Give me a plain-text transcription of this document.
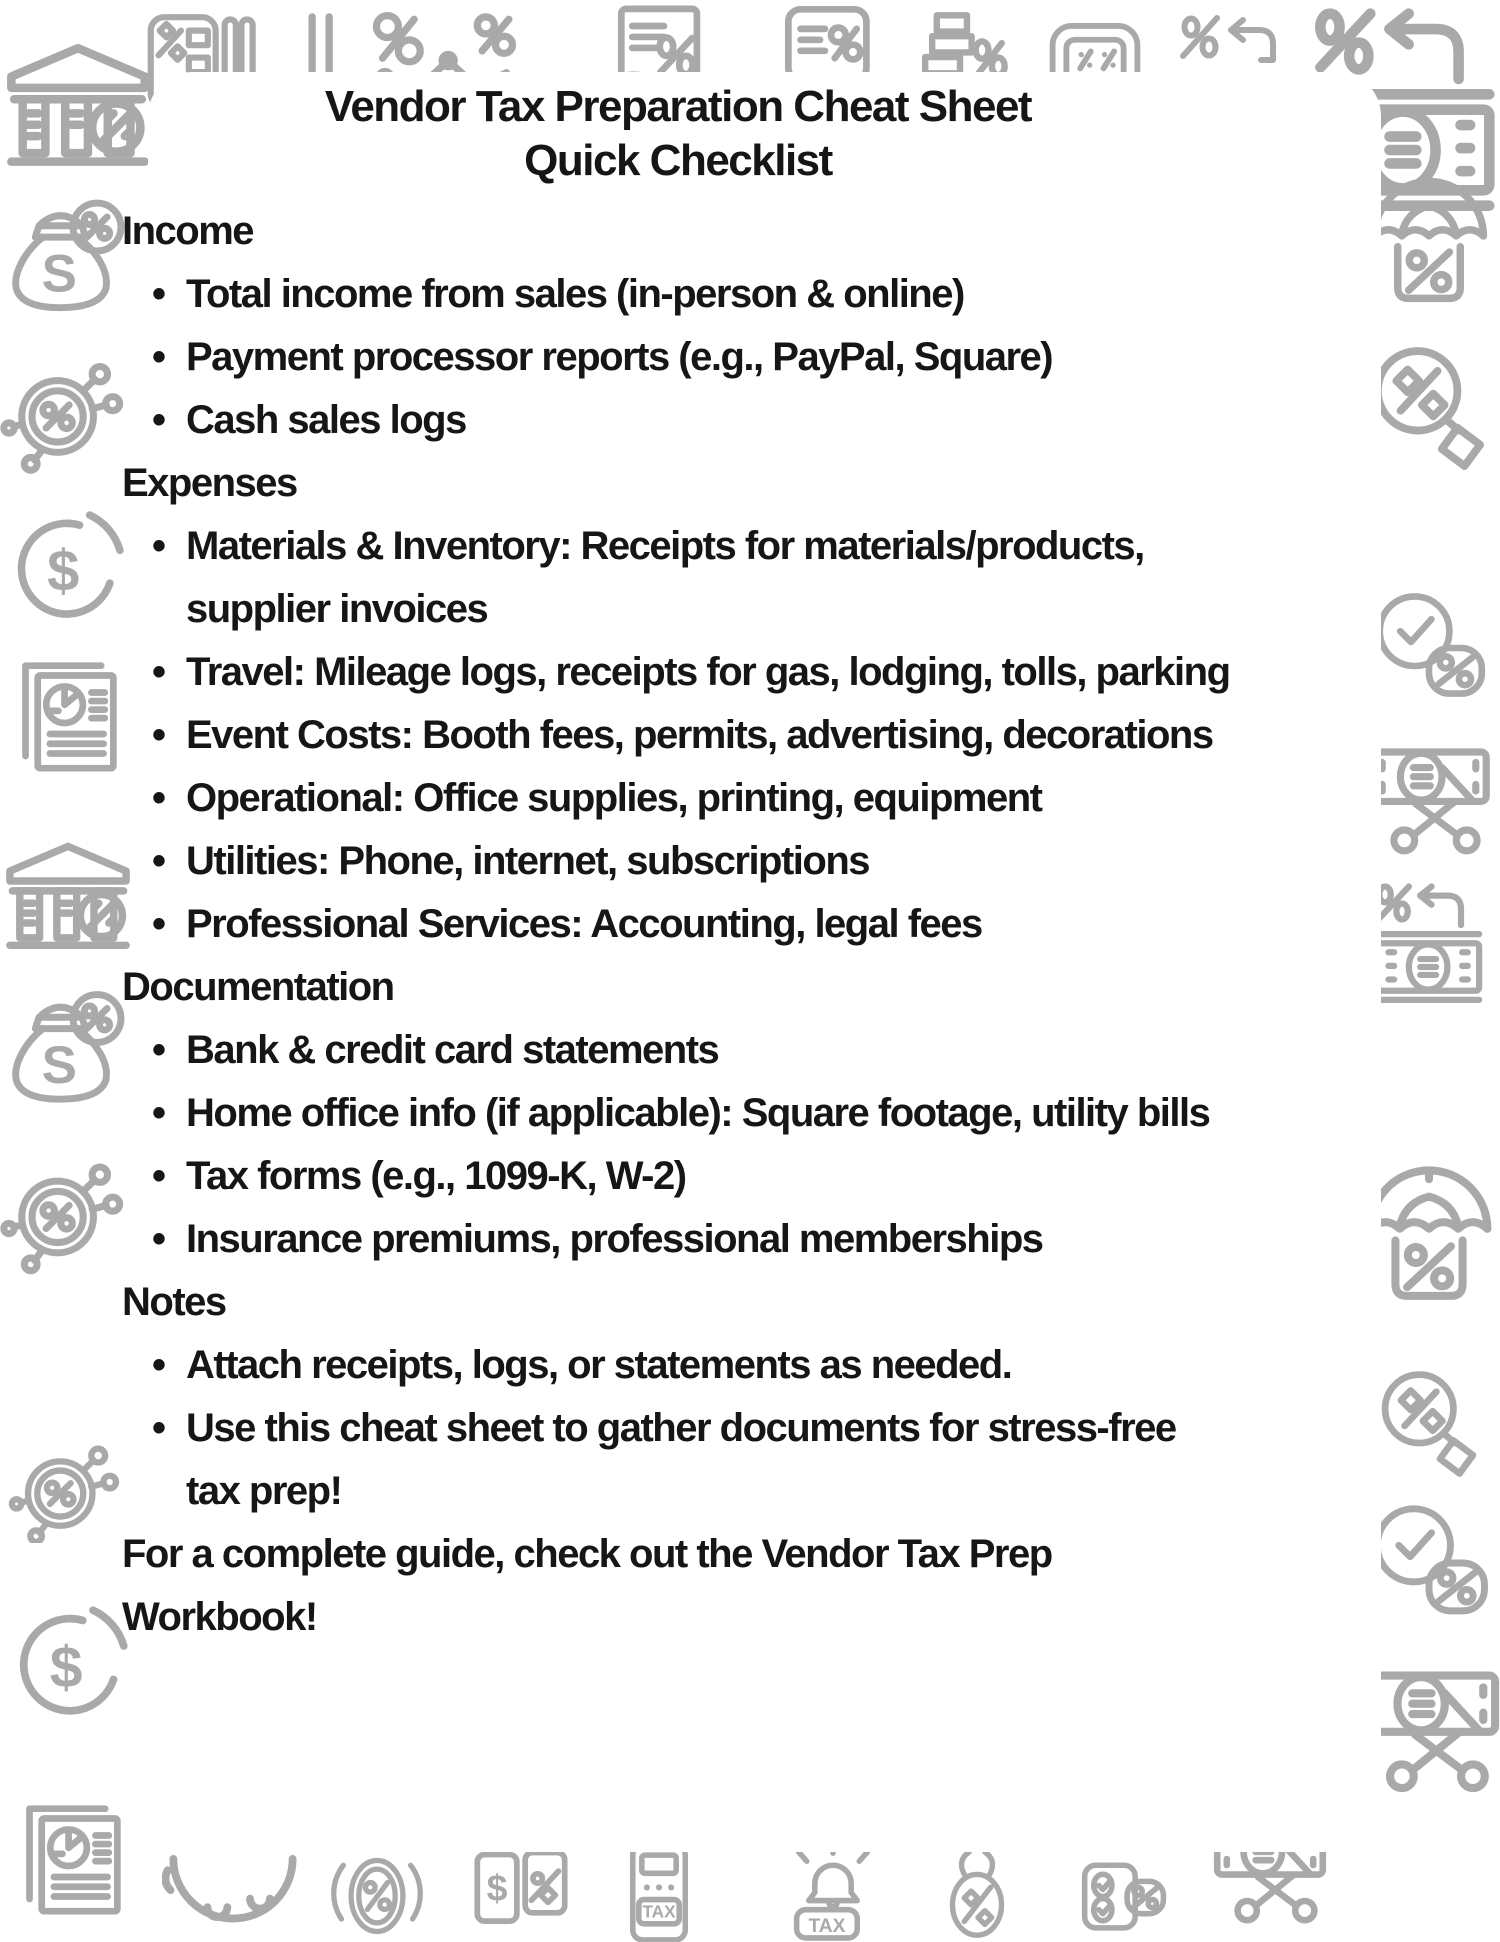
Vendor Tax Preparation Cheat Sheet
Quick Checklist
Income
• Total income from sales (in-person & online)
• Payment processor reports (e.g., PayPal, Square)
• Cash sales logs
Expenses
• Materials & Inventory: Receipts for materials/products, supplier invoices
• Travel: Mileage logs, receipts for gas, lodging, tolls, parking
• Event Costs: Booth fees, permits, advertising, decorations
• Operational: Office supplies, printing, equipment
• Utilities: Phone, internet, subscriptions
• Professional Services: Accounting, legal fees
Documentation
• Bank & credit card statements
• Home office info (if applicable): Square footage, utility bills
• Tax forms (e.g., 1099-K, W-2)
• Insurance premiums, professional memberships
Notes
• Attach receipts, logs, or statements as needed.
• Use this cheat sheet to gather documents for stress-free tax prep!
For a complete guide, check out the Vendor Tax Prep Workbook!
